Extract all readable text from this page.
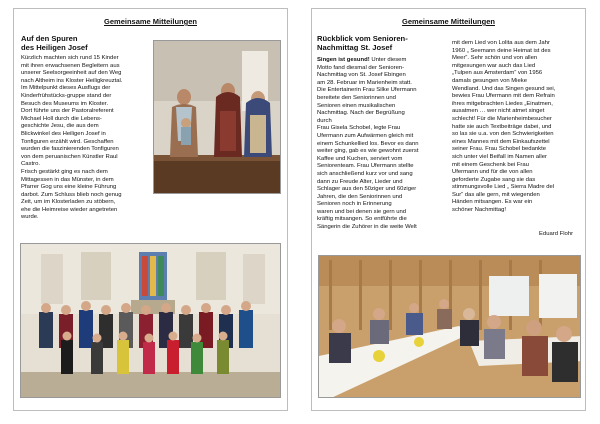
Gemeinsame Mitteilungen
Auf den Spuren
des Heiligen Josef
Kürzlich machten sich rund 15 Kinder
mit ihren erwachsenen Begleitern aus
unserer Seelsorgeeinheit auf den Weg
nach Altheim ins Kloster Heiligkreuztal.
Im Mittelpunkt dieses Ausflugs der
Kinderfrühstücks-gruppe stand der
Besuch des Museums im Kloster.
Dort führte uns der Pastoralreferent
Michael Holl durch die Lebens-
geschichte Jesu, die aus dem
Blickwinkel des Heiligen Josef in
Tonfiguren erzählt wird. Geschaffen
wurden die faszinierenden Tonfiguren
von dem peruanischen Künstler Raul
Castro.
Frisch gestärkt ging es nach dem
Mittagessen in das Münster, in dem
Pfarrer Gog uns eine kleine Führung
darbot. Zum Schluss blieb noch genug
Zeit, um im Klosterladen zu stöbern,
ehe die Heimreise wieder angetreten
wurde.
Gemeinsame Mitteilungen
Rückblick vom Senioren-
Nachmittag St. Josef
Singen ist gesund! Unter diesem
Motto fand diesmal der Senioren-
Nachmittag von St. Josef Ebingen
am 28. Februar im Marienheim statt.
Die Entertainerin Frau Silke Ufermann
bereitete den Seniorinnen und
Senioren einen musikalischen
Nachmittag. Nach der Begrüßung
durch
Frau Gisela Schobel, legte Frau
Ufermann zum Aufwärmen gleich mit
einem Schunkellied los. Bevor es dann
weiter ging, gab es wie gewohnt zuerst
Kaffee und Kuchen, serviert vom
Seniorenteam. Frau Ufermann stellte
sich anschließend kurz vor und sang
dann zu Freude Alter, Lieder und
Schlager aus den 50ziger und 60ziger
Jahren, die den Seniorinnen und
Senioren noch in Erinnerung
waren und bei denen sie gern und
kräftig mitsangen. So entführte die
Sängerin die Zuhörer in die weite Welt
mit dem Lied von Lolita aus dem Jahr
1960 „ Seemann deine Heimat ist des
Meer“. Sehr schön und von allen
mitgesungen war auch das Lied
„Tulpen aus Amsterdam“ von 1956
damals gesungen von Mieke
Wendland. Und das Singen gesund sei,
bewies Frau Ufermann mit dem Refrain
ihres mitgebrachten Liedes „Einatmen,
ausatmen … wer nicht atmet singet
schlecht! Für die Marienheimbesucher
hatte sie auch Textbeiträge dabei, und
so las sie u.a. von den Schwierigkeiten
eines Mannes mit dem Einkaufszettel
seiner Frau. Frau Schobel bedankte
sich unter viel Beifall im Namen aller
mit einem Geschenk bei Frau
Ufermann und für die von allen
geforderte Zugabe sang sie das
stimmungsvolle Lied „ Sierra Madre del
Sur“ das alle gern, mit wiegenden
Händen mitsangen. Es war ein
schöner Nachmittag!
Eduard Flohr
